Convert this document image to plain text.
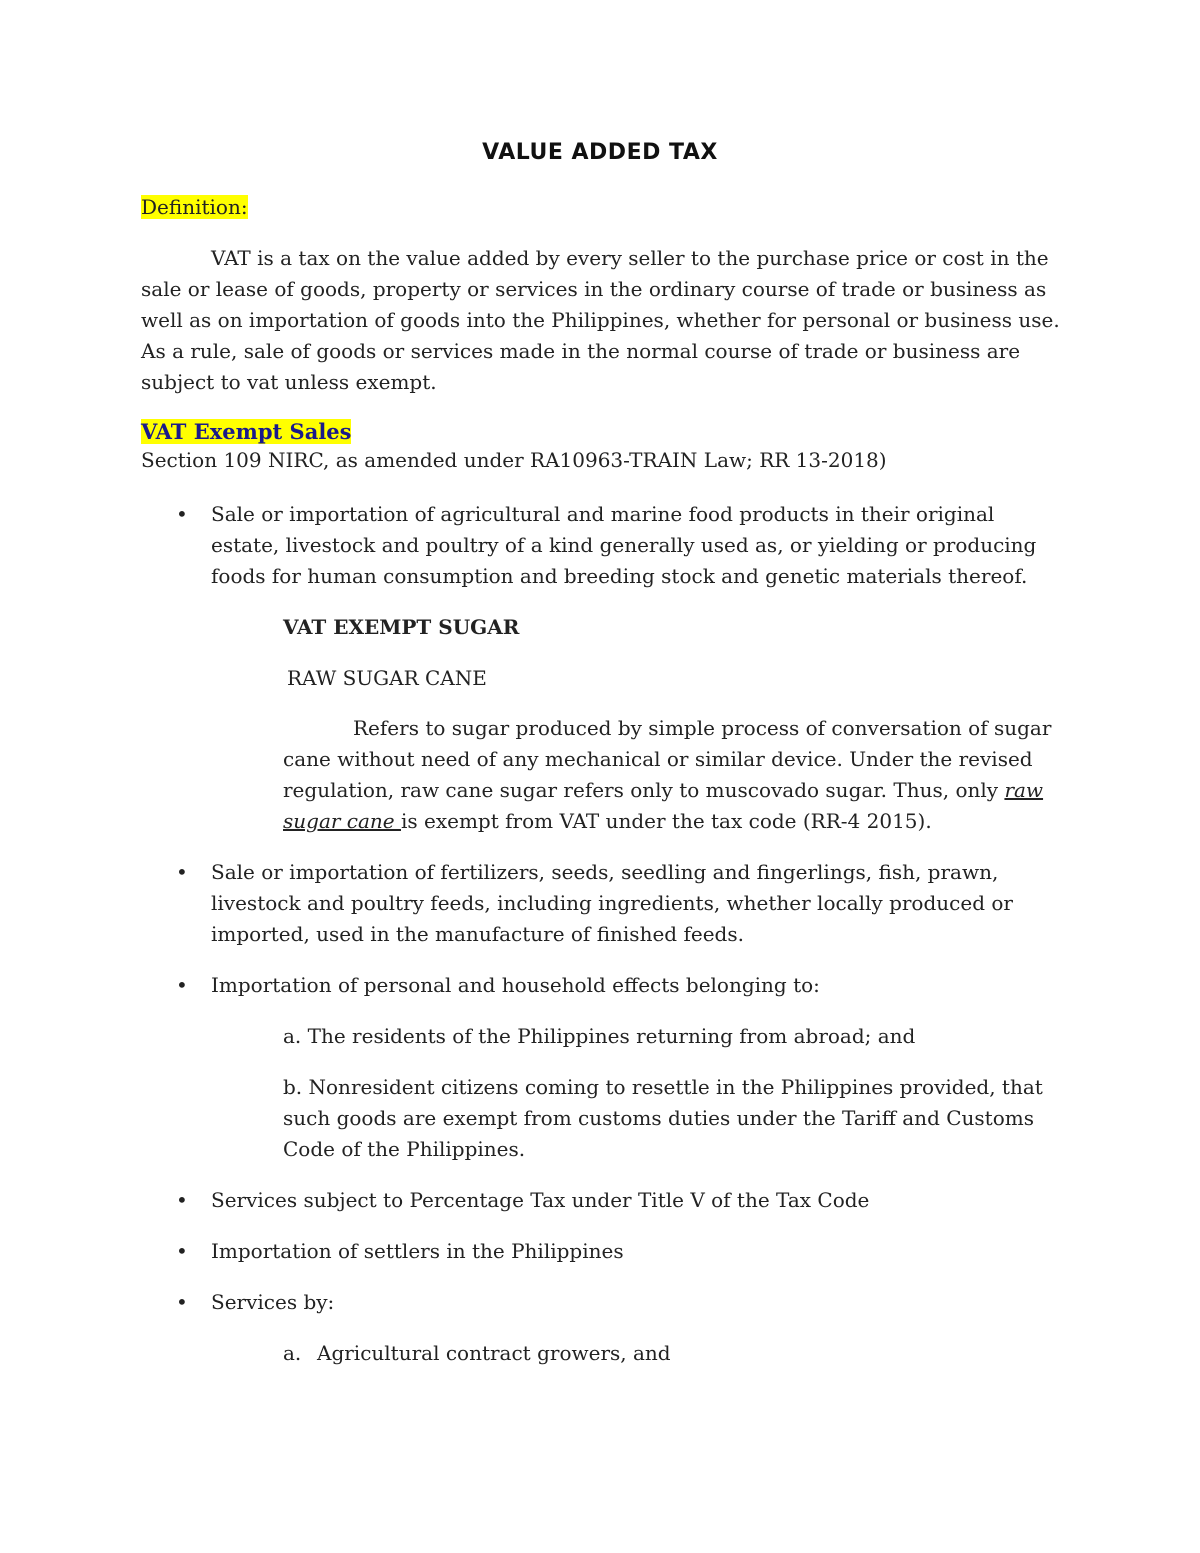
VALUE ADDED TAX
Definition:

VAT is a tax on the value added by every seller to the purchase price or cost in the sale or lease of goods, property or services in the ordinary course of trade or business as well as on importation of goods into the Philippines, whether for personal or business use. As a rule, sale of goods or services made in the normal course of trade or business are subject to vat unless exempt.

VAT Exempt Sales
Section 109 NIRC, as amended under RA10963-TRAIN Law; RR 13-2018)
• Sale or importation of agricultural and marine food products in their original estate, livestock and poultry of a kind generally used as, or yielding or producing foods for human consumption and breeding stock and genetic materials thereof.

VAT EXEMPT SUGAR
RAW SUGAR CANE

Refers to sugar produced by simple process of conversation of sugar cane without need of any mechanical or similar device. Under the revised regulation, raw cane sugar refers only to muscovado sugar. Thus, only raw sugar cane is exempt from VAT under the tax code (RR-4 2015).

• Sale or importation of fertilizers, seeds, seedling and fingerlings, fish, prawn, livestock and poultry feeds, including ingredients, whether locally produced or imported, used in the manufacture of finished feeds.

• Importation of personal and household effects belonging to:

a. The residents of the Philippines returning from abroad; and

b. Nonresident citizens coming to resettle in the Philippines provided, that such goods are exempt from customs duties under the Tariff and Customs Code of the Philippines.

• Services subject to Percentage Tax under Title V of the Tax Code

• Importation of settlers in the Philippines

• Services by:

a. Agricultural contract growers, and
